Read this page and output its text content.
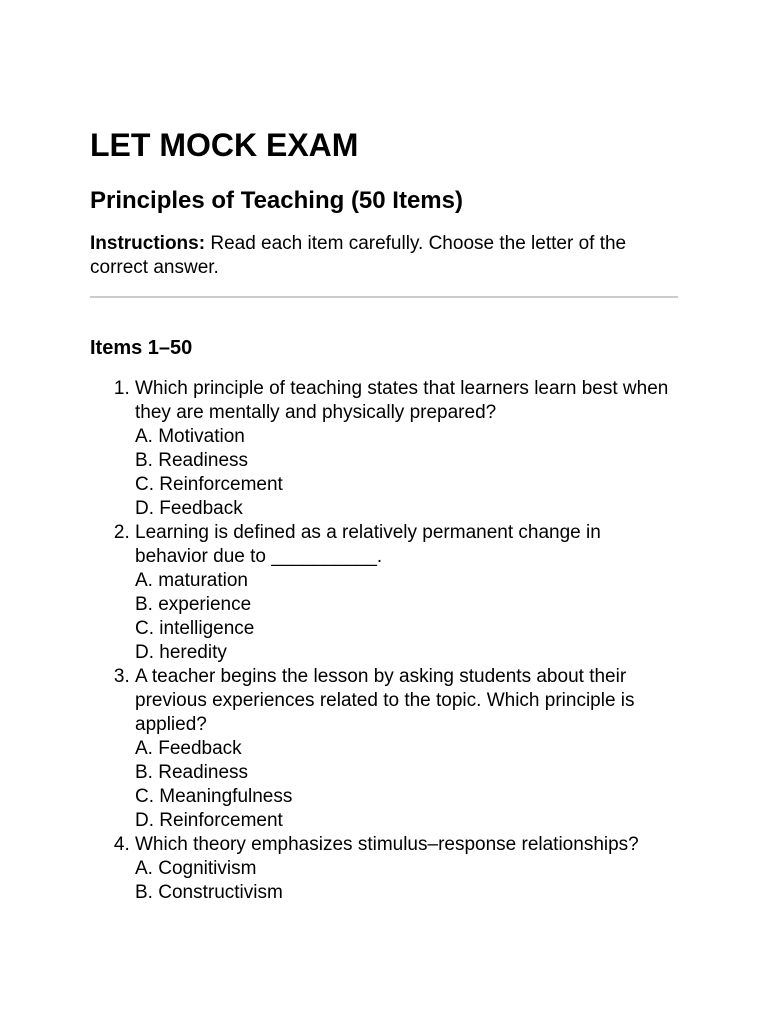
LET MOCK EXAM
Principles of Teaching (50 Items)

Instructions: Read each item carefully. Choose the letter of the correct answer.

Items 1–50
1. Which principle of teaching states that learners learn best when they are mentally and physically prepared?
A. Motivation
B. Readiness
C. Reinforcement
D. Feedback
2. Learning is defined as a relatively permanent change in behavior due to __________.
A. maturation
B. experience
C. intelligence
D. heredity
3. A teacher begins the lesson by asking students about their previous experiences related to the topic. Which principle is applied?
A. Feedback
B. Readiness
C. Meaningfulness
D. Reinforcement
4. Which theory emphasizes stimulus–response relationships?
A. Cognitivism
B. Constructivism
